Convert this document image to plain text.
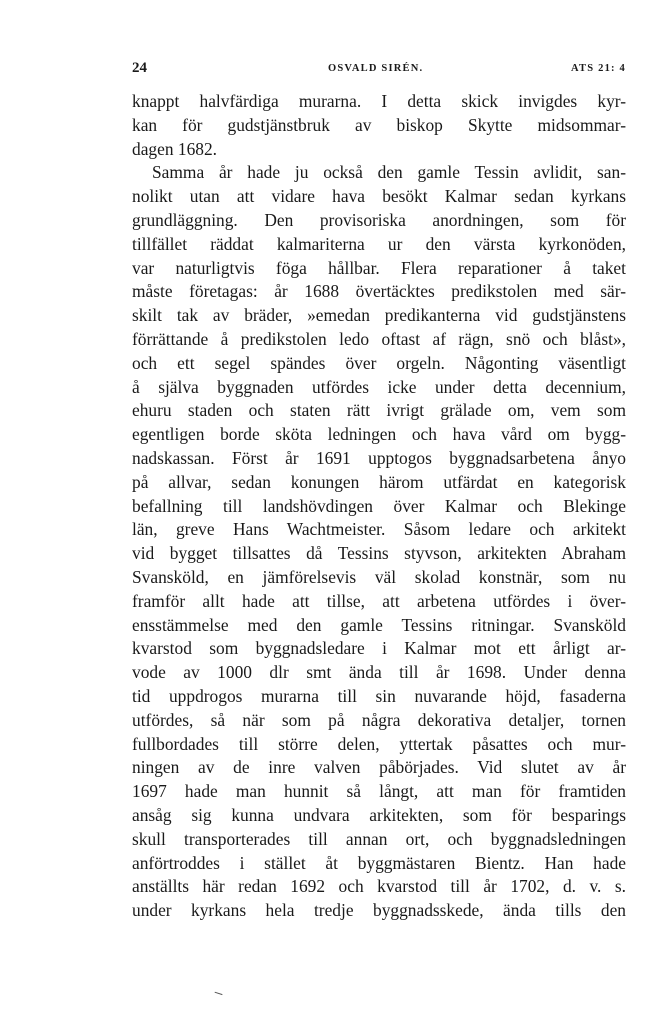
24	OSVALD SIRÉN.	ATS 21: 4
knappt halvfärdiga murarna. I detta skick invigdes kyr-
kan för gudstjänstbruk av biskop Skytte midsommar-
dagen 1682.
Samma år hade ju också den gamle Tessin avlidit, san-
nolikt utan att vidare hava besökt Kalmar sedan kyrkans
grundläggning. Den provisoriska anordningen, som för
tillfället räddat kalmariterna ur den värsta kyrkonöden,
var naturligtvis föga hållbar. Flera reparationer å taket
måste företagas: år 1688 övertäcktes predikstolen med sär-
skilt tak av bräder, »emedan predikanterna vid gudstjänstens
förrättande å predikstolen ledo oftast af rägn, snö och blåst»,
och ett segel spändes över orgeln. Någonting väsentligt
å själva byggnaden utfördes icke under detta decennium,
ehuru staden och staten rätt ivrigt grälade om, vem som
egentligen borde sköta ledningen och hava vård om bygg-
nadskassan. Först år 1691 upptogos byggnadsarbetena ånyo
på allvar, sedan konungen härom utfärdat en kategorisk
befallning till landshövdingen över Kalmar och Blekinge
län, greve Hans Wachtmeister. Såsom ledare och arkitekt
vid bygget tillsattes då Tessins styvson, arkitekten Abraham
Svansköld, en jämförelsevis väl skolad konstnär, som nu
framför allt hade att tillse, att arbetena utfördes i över-
ensstämmelse med den gamle Tessins ritningar. Svansköld
kvarstod som byggnadsledare i Kalmar mot ett årligt ar-
vode av 1000 dlr smt ända till år 1698. Under denna
tid uppdrogos murarna till sin nuvarande höjd, fasaderna
utfördes, så när som på några dekorativa detaljer, tornen
fullbordades till större delen, yttertak påsattes och mur-
ningen av de inre valven påbörjades. Vid slutet av år
1697 hade man hunnit så långt, att man för framtiden
ansåg sig kunna undvara arkitekten, som för besparings
skull transporterades till annan ort, och byggnadsledningen
anförtroddes i stället åt byggmästaren Bientz. Han hade
anställts här redan 1692 och kvarstod till år 1702, d. v. s.
under kyrkans hela tredje byggnadsskede, ända tills den
